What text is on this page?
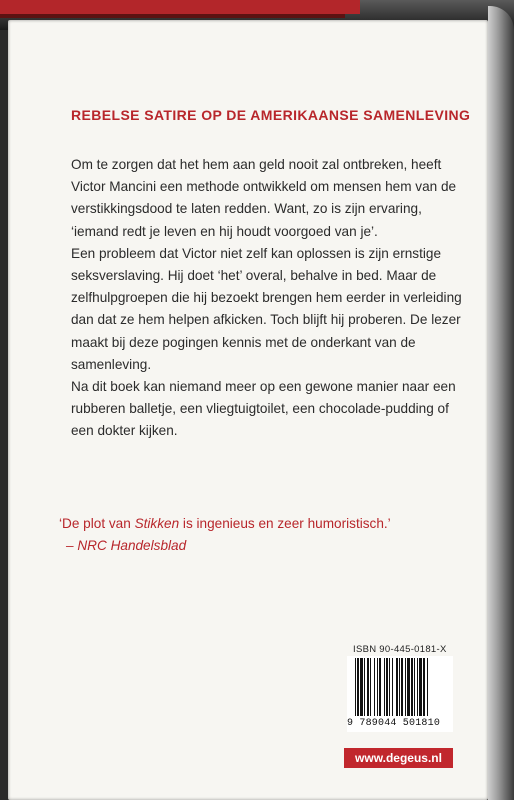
REBELSE SATIRE OP DE AMERIKAANSE SAMENLEVING

Om te zorgen dat het hem aan geld nooit zal ontbreken, heeft Victor Mancini een methode ontwikkeld om mensen hem van de verstikkingsdood te laten redden. Want, zo is zijn ervaring, ‘iemand redt je leven en hij houdt voorgoed van je’.

Een probleem dat Victor niet zelf kan oplossen is zijn ernstige seksverslaving. Hij doet ‘het’ overal, behalve in bed. Maar de zelfhulpgroepen die hij bezoekt brengen hem eerder in verleiding dan dat ze hem helpen afkicken. Toch blijft hij proberen. De lezer maakt bij deze pogingen kennis met de onderkant van de samenleving.

Na dit boek kan niemand meer op een gewone manier naar een rubberen balletje, een vliegtuigtoilet, een chocolade-pudding of een dokter kijken.

‘De plot van Stikken is ingenieus en zeer humoristisch.’
– NRC Handelsblad
ISBN 90-445-0181-X
9 789044 501810
www.degeus.nl
